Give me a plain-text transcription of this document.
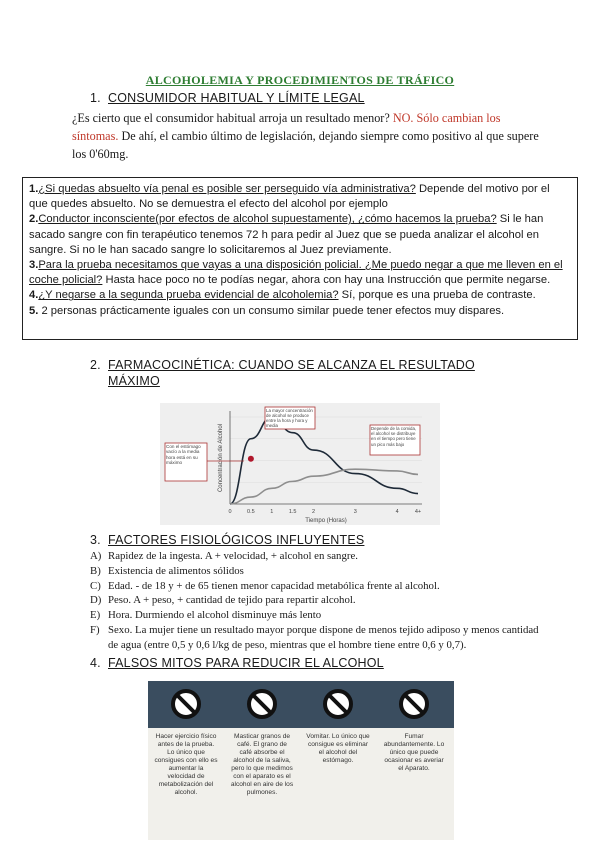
ALCOHOLEMIA Y PROCEDIMIENTOS DE TRÁFICO
1. CONSUMIDOR HABITUAL Y LÍMITE LEGAL
¿Es cierto que el consumidor habitual arroja un resultado menor? NO. Sólo cambian los síntomas. De ahí, el cambio último de legislación, dejando siempre como positivo al que supere los 0'60mg.

1.¿Si quedas absuelto vía penal es posible ser perseguido vía administrativa? Depende del motivo por el que quedes absuelto. No se demuestra el efecto del alcohol por ejemplo

2.Conductor inconsciente(por efectos de alcohol supuestamente), ¿cómo hacemos la prueba? Si le han sacado sangre con fin terapéutico tenemos 72 h para pedir al Juez que se pueda analizar el alcohol en sangre. Si no le han sacado sangre lo solicitaremos al Juez previamente.

3.Para la prueba necesitamos que vayas a una disposición policial. ¿Me puedo negar a que me lleven en el coche policial? Hasta hace poco no te podías negar, ahora con hay una Instrucción que permite negarse.

4.¿Y negarse a la segunda prueba evidencial de alcoholemia? Sí, porque es una prueba de contraste.

5. 2 personas prácticamente iguales con un consumo similar puede tener efectos muy dispares.

2. FARMACOCINÉTICA: CUANDO SE ALCANZA EL RESULTADO
MÁXIMO
0	0.5	1	1.5	2	3	4	4+
Concentración de Alcohol
Tiempo (Horas)
Con el estómago vacío a la media hora está en su máximo
La mayor concentración de alcohol se produce entre la hora y hora y media
Depende de la comida, el alcohol se distribuye en el tiempo pero tiene un pico más bajo
3. FACTORES FISIOLÓGICOS INFLUYENTES
A) Rapidez de la ingesta. A + velocidad, + alcohol en sangre.
B) Existencia de alimentos sólidos
C) Edad. - de 18 y + de 65 tienen menor capacidad metabólica frente al alcohol.
D) Peso. A + peso, + cantidad de tejido para repartir alcohol.
E) Hora. Durmiendo el alcohol disminuye más lento
F) Sexo. La mujer tiene un resultado mayor porque dispone de menos tejido adiposo y menos cantidad de agua (entre 0,5 y 0,6 l/kg de peso, mientras que el hombre tiene entre 0,6 y 0,7).
4. FALSOS MITOS PARA REDUCIR EL ALCOHOL
Hacer ejercicio físico antes de la prueba. Lo único que consigues con ello es aumentar la velocidad de metabolización del alcohol.
Masticar granos de café. El grano de café absorbe el alcohol de la saliva, pero lo que medimos con el aparato es el alcohol en aire de los pulmones.
Vomitar. Lo único que consigue es eliminar el alcohol del estómago.
Fumar abundantemente. Lo único que puede ocasionar es averiar el Aparato.
